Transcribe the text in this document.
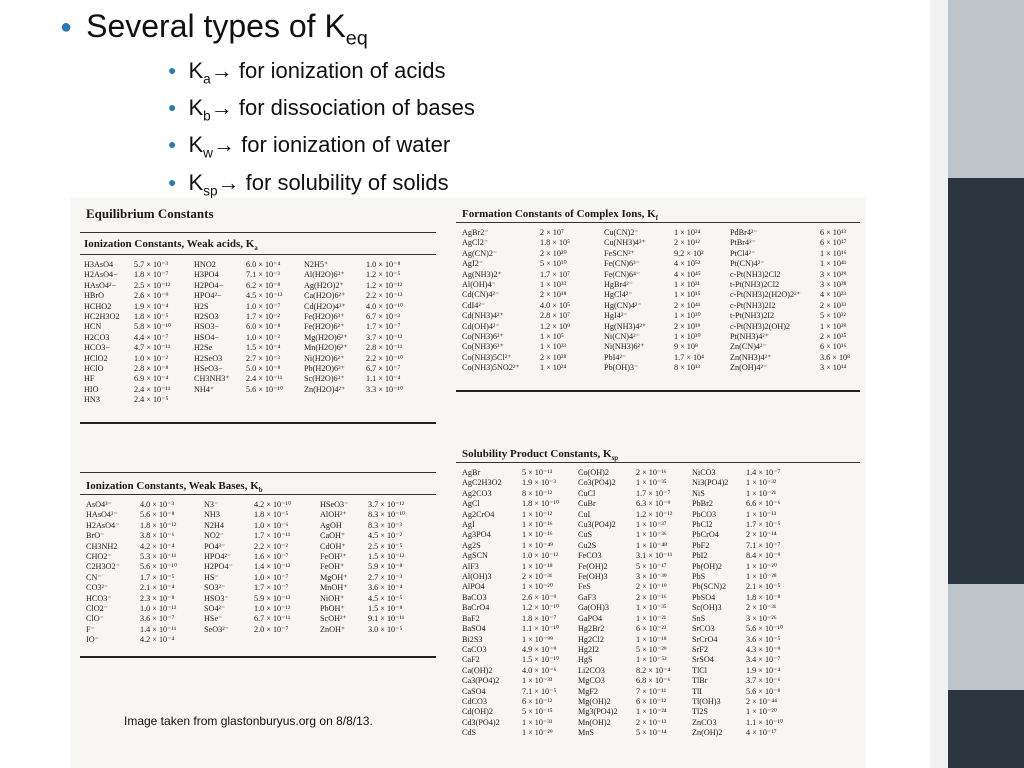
● Several types of $K_{eq}$
● $K_a\to$ for ionization of acids
● $K_b\to$ for dissociation of bases
● $K_w\to$ for ionization of water
● $K_{sp}\to$ for solubility of solids
Equilibrium Constants
Ionization Constants, Weak acids, $K_a$
H3AsO4
H2AsO4−
HAsO4²−
HBrO
HCHO2
HC2H3O2
HCN
H2CO3
HCO3−
HClO2
HClO
HF
HIO
HN3
5.7 × 10⁻³
1.8 × 10⁻⁷
2.5 × 10⁻¹²
2.6 × 10⁻⁹
1.9 × 10⁻⁴
1.8 × 10⁻⁵
5.8 × 10⁻¹⁰
4.4 × 10⁻⁷
4.7 × 10⁻¹¹
1.0 × 10⁻²
2.8 × 10⁻⁸
6.9 × 10⁻⁴
2.4 × 10⁻¹¹
2.4 × 10⁻⁵
HNO2
H3PO4
H2PO4−
HPO4²−
H2S
H2SO3
HSO3−
HSO4−
H2Se
H2SeO3
HSeO3−
CH3NH3⁺
NH4⁺
6.0 × 10⁻⁴
7.1 × 10⁻³
6.2 × 10⁻⁸
4.5 × 10⁻¹³
1.0 × 10⁻⁷
1.7 × 10⁻²
6.0 × 10⁻⁸
1.0 × 10⁻²
1.5 × 10⁻⁴
2.7 × 10⁻³
5.0 × 10⁻⁸
2.4 × 10⁻¹¹
5.6 × 10⁻¹⁰
N2H5⁺
Al(H2O)6³⁺
Ag(H2O)2⁺
Ca(H2O)6²⁺
Cd(H2O)4²⁺
Fe(H2O)6³⁺
Fe(H2O)6²⁺
Mg(H2O)6²⁺
Mn(H2O)6²⁺
Ni(H2O)6²⁺
Pb(H2O)6²⁺
Sc(H2O)6³⁺
Zn(H2O)4²⁺
1.0 × 10⁻⁸
1.2 × 10⁻⁵
1.2 × 10⁻¹²
2.2 × 10⁻¹³
4.0 × 10⁻¹⁰
6.7 × 10⁻³
1.7 × 10⁻⁷
3.7 × 10⁻¹²
2.8 × 10⁻¹¹
2.2 × 10⁻¹⁰
6.7 × 10⁻⁷
1.1 × 10⁻⁴
3.3 × 10⁻¹⁰
Ionization Constants, Weak Bases, $K_b$
AsO4³⁻
HAsO4²⁻
H2AsO4⁻
BrO⁻
CH3NH2
CHO2⁻
C2H3O2⁻
CN⁻
CO3²⁻
HCO3⁻
ClO2⁻
ClO⁻
F⁻
IO⁻
4.0 × 10⁻³
5.6 × 10⁻⁸
1.8 × 10⁻¹²
3.8 × 10⁻⁶
4.2 × 10⁻⁴
5.3 × 10⁻¹¹
5.6 × 10⁻¹⁰
1.7 × 10⁻⁵
2.1 × 10⁻⁴
2.3 × 10⁻⁸
1.0 × 10⁻¹²
3.6 × 10⁻⁷
1.4 × 10⁻¹¹
4.2 × 10⁻⁴
N3⁻
NH3
N2H4
NO2⁻
PO4³⁻
HPO4²⁻
H2PO4⁻
HS⁻
SO3²⁻
HSO3⁻
SO4²⁻
HSe⁻
SeO3²⁻
4.2 × 10⁻¹⁰
1.8 × 10⁻⁵
1.0 × 10⁻⁶
1.7 × 10⁻¹¹
2.2 × 10⁻²
1.6 × 10⁻⁷
1.4 × 10⁻¹²
1.0 × 10⁻⁷
1.7 × 10⁻⁷
5.9 × 10⁻¹³
1.0 × 10⁻¹²
6.7 × 10⁻¹¹
2.0 × 10⁻⁷
HSeO3⁻
AlOH²⁺
AgOH
CaOH⁺
CdOH⁺
FeOH²⁺
FeOH⁺
MgOH⁺
MnOH⁺
NiOH⁺
PbOH⁺
ScOH²⁺
ZnOH⁺
3.7 × 10⁻¹²
8.3 × 10⁻¹⁰
8.3 × 10⁻³
4.5 × 10⁻²
2.5 × 10⁻⁵
1.5 × 10⁻¹²
5.9 × 10⁻⁸
2.7 × 10⁻³
3.6 × 10⁻⁴
4.5 × 10⁻⁵
1.5 × 10⁻⁸
9.1 × 10⁻¹¹
3.0 × 10⁻⁵
Formation Constants of Complex Ions, $K_f$
AgBr2⁻
AgCl2⁻
Ag(CN)2⁻
AgI2⁻
Ag(NH3)2⁺
Al(OH)4⁻
Cd(CN)4²⁻
CdI4²⁻
Cd(NH3)4²⁺
Cd(OH)4²⁻
Co(NH3)6²⁺
Co(NH3)6³⁺
Co(NH3)5Cl²⁺
Co(NH3)5NO2²⁺
2 × 10⁷
1.8 × 10⁵
2 × 10²⁰
5 × 10¹⁰
1.7 × 10⁷
1 × 10³³
2 × 10¹⁸
4.0 × 10⁵
2.8 × 10⁷
1.2 × 10⁹
1 × 10⁵
1 × 10²³
2 × 10²⁸
1 × 10²⁴
Cu(CN)2⁻
Cu(NH3)4²⁺
FeSCN²⁺
Fe(CN)6³⁻
Fe(CN)6⁴⁻
HgBr4²⁻
HgCl4²⁻
Hg(CN)4²⁻
HgI4²⁻
Hg(NH3)4²⁺
Ni(CN)4²⁻
Ni(NH3)6²⁺
PbI4²⁻
Pb(OH)3⁻
1 × 10²⁴
2 × 10¹²
9.2 × 10²
4 × 10⁵²
4 × 10⁴⁵
1 × 10²¹
1 × 10¹⁵
2 × 10⁴¹
1 × 10³⁰
2 × 10¹⁹
1 × 10³⁰
9 × 10⁸
1.7 × 10⁴
8 × 10¹³
PdBr4²⁻
PtBr4²⁻
PtCl4²⁻
Pt(CN)4²⁻
c-Pt(NH3)2Cl2
t-Pt(NH3)2Cl2
c-Pt(NH3)2(H2O)2²⁺
c-Pt(NH3)2I2
t-Pt(NH3)2I2
c-Pt(NH3)2(OH)2
Pt(NH3)4²⁺
Zn(CN)4²⁻
Zn(NH3)4²⁺
Zn(OH)4²⁻
6 × 10¹³
6 × 10¹⁷
1 × 10¹⁶
1 × 10⁴¹
3 × 10²⁹
3 × 10²⁸
4 × 10²³
2 × 10³³
5 × 10³²
1 × 10³⁹
2 × 10³⁵
6 × 10¹⁶
3.6 × 10⁸
3 × 10¹⁴
Solubility Product Constants, $K_{sp}$
AgBr
AgC2H3O2
Ag2CO3
AgCl
Ag2CrO4
AgI
Ag3PO4
Ag2S
AgSCN
AlF3
Al(OH)3
AlPO4
BaCO3
BaCrO4
BaF2
BaSO4
Bi2S3
CaCO3
CaF2
Ca(OH)2
Ca3(PO4)2
CaSO4
CdCO3
Cd(OH)2
Cd3(PO4)2
CdS
5 × 10⁻¹³
1.9 × 10⁻³
8 × 10⁻¹²
1.8 × 10⁻¹⁰
1 × 10⁻¹²
1 × 10⁻¹⁶
1 × 10⁻¹⁶
1 × 10⁻⁴⁹
1.0 × 10⁻¹²
1 × 10⁻¹⁸
2 × 10⁻³¹
1 × 10⁻²⁰
2.6 × 10⁻⁹
1.2 × 10⁻¹⁰
1.8 × 10⁻⁷
1.1 × 10⁻¹⁰
1 × 10⁻⁹⁹
4.9 × 10⁻⁹
1.5 × 10⁻¹⁰
4.0 × 10⁻⁶
1 × 10⁻³³
7.1 × 10⁻⁵
6 × 10⁻¹²
5 × 10⁻¹⁵
1 × 10⁻³³
1 × 10⁻²⁹
Co(OH)2
Co3(PO4)2
CuCl
CuBr
CuI
Cu3(PO4)2
CuS
Cu2S
FeCO3
Fe(OH)2
Fe(OH)3
FeS
GaF3
Ga(OH)3
GaPO4
Hg2Br2
Hg2Cl2
Hg2I2
HgS
Li2CO3
MgCO3
MgF2
Mg(OH)2
Mg3(PO4)2
Mn(OH)2
MnS
2 × 10⁻¹⁶
1 × 10⁻³⁵
1.7 × 10⁻⁷
6.3 × 10⁻⁹
1.2 × 10⁻¹²
1 × 10⁻³⁷
1 × 10⁻³⁶
1 × 10⁻⁴⁸
3.1 × 10⁻¹¹
5 × 10⁻¹⁷
3 × 10⁻³⁹
2 × 10⁻¹⁹
2 × 10⁻¹⁶
1 × 10⁻³⁵
1 × 10⁻²¹
6 × 10⁻²³
1 × 10⁻¹⁸
5 × 10⁻²⁹
1 × 10⁻⁵²
8.2 × 10⁻⁴
6.8 × 10⁻⁶
7 × 10⁻¹¹
6 × 10⁻¹²
1 × 10⁻²⁴
2 × 10⁻¹³
5 × 10⁻¹⁴
NiCO3
Ni3(PO4)2
NiS
PbBr2
PbCO3
PbCl2
PbCrO4
PbF2
PbI2
Pb(OH)2
PbS
Pb(SCN)2
PbSO4
Sc(OH)3
SnS
SrCO3
SrCrO4
SrF2
SrSO4
TlCl
TlBr
TlI
Tl(OH)3
Tl2S
ZnCO3
Zn(OH)2
1.4 × 10⁻⁷
1 × 10⁻³²
1 × 10⁻²¹
6.6 × 10⁻⁶
1 × 10⁻¹³
1.7 × 10⁻⁵
2 × 10⁻¹⁴
7.1 × 10⁻⁷
8.4 × 10⁻⁹
1 × 10⁻²⁰
1 × 10⁻²⁸
2.1 × 10⁻⁵
1.8 × 10⁻⁸
2 × 10⁻³¹
3 × 10⁻²⁶
5.6 × 10⁻¹⁰
3.6 × 10⁻⁵
4.3 × 10⁻⁹
3.4 × 10⁻⁷
1.9 × 10⁻⁴
3.7 × 10⁻⁶
5.6 × 10⁻⁸
2 × 10⁻⁴⁴
1 × 10⁻²⁰
1.1 × 10⁻¹⁰
4 × 10⁻¹⁷
Image taken from glastonburyus.org on 8/8/13.
